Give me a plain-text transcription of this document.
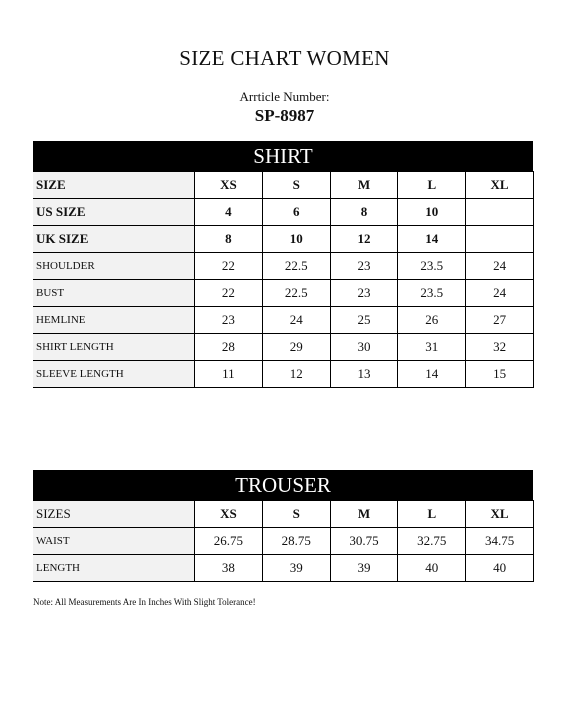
SIZE CHART WOMEN
Arrticle Number:
SP-8987
SHIRT
SIZE	XS	S	M	L	XL
US SIZE	4	6	8	10	
UK SIZE	8	10	12	14	
SHOULDER	22	22.5	23	23.5	24
BUST	22	22.5	23	23.5	24
HEMLINE	23	24	25	26	27
SHIRT LENGTH	28	29	30	31	32
SLEEVE LENGTH	11	12	13	14	15
TROUSER
SIZES	XS	S	M	L	XL
WAIST	26.75	28.75	30.75	32.75	34.75
LENGTH	38	39	39	40	40
Note: All Measurements Are In Inches With Slight Tolerance!
